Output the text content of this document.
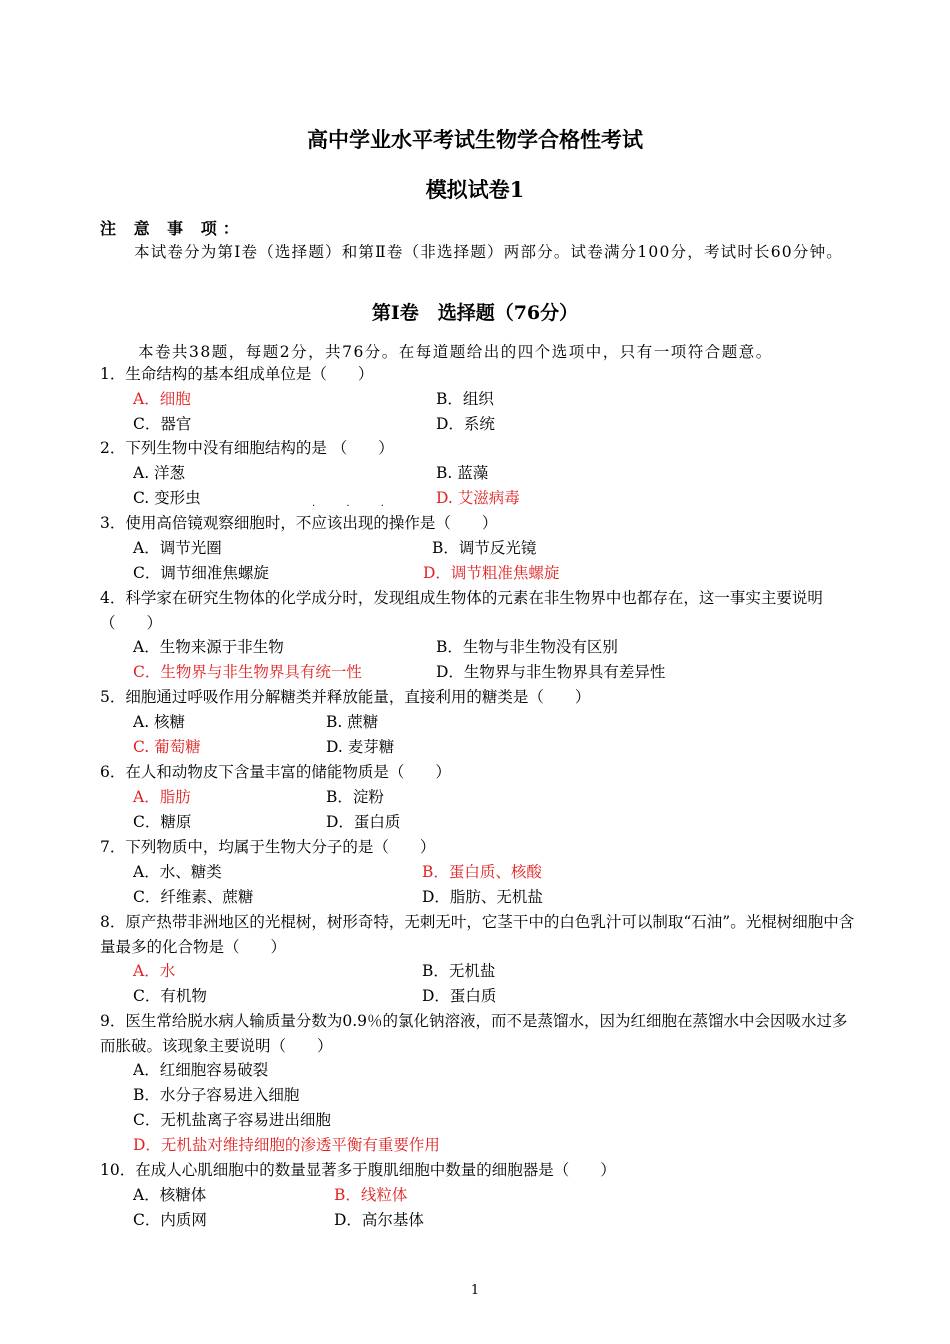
高中学业水平考试生物学合格性考试
模拟试卷1
注 意 事 项：
本试卷分为第Ⅰ卷（选择题）和第Ⅱ卷（非选择题）两部分。试卷满分100分，考试时长60分钟。
第Ⅰ卷　选择题（76分）
本卷共38题，每题2分，共76分。在每道题给出的四个选项中，只有一项符合题意。
1．生命结构的基本组成单位是（　　）
A．细胞	B．组织
C．器官	D．系统
2．下列生物中没有细胞结构的是 （　　）
A. 洋葱	B. 蓝藻
C. 变形虫	D. 艾滋病毒
· · ·
3．使用高倍镜观察细胞时，不应该出现的操作是（　　）
A．调节光圈	B．调节反光镜
C．调节细准焦螺旋	D．调节粗准焦螺旋
4．科学家在研究生物体的化学成分时，发现组成生物体的元素在非生物界中也都存在，这一事实主要说明（　　）
A．生物来源于非生物	B．生物与非生物没有区别
C．生物界与非生物界具有统一性	D．生物界与非生物界具有差异性
5．细胞通过呼吸作用分解糖类并释放能量，直接利用的糖类是（　　）
A. 核糖	B. 蔗糖
C. 葡萄糖	D. 麦芽糖
6．在人和动物皮下含量丰富的储能物质是（　　）
A．脂肪	B．淀粉
C．糖原	D．蛋白质
7．下列物质中，均属于生物大分子的是（　　）
A．水、糖类	B．蛋白质、核酸
C．纤维素、蔗糖	D．脂肪、无机盐
8．原产热带非洲地区的光棍树，树形奇特，无刺无叶，它茎干中的白色乳汁可以制取“石油”。光棍树细胞中含量最多的化合物是（　　）
A．水	B．无机盐
C．有机物	D．蛋白质
9．医生常给脱水病人输质量分数为0.9％的氯化钠溶液，而不是蒸馏水，因为红细胞在蒸馏水中会因吸水过多而胀破。该现象主要说明（　　）
A．红细胞容易破裂
B．水分子容易进入细胞
C．无机盐离子容易进出细胞
D．无机盐对维持细胞的渗透平衡有重要作用
10．在成人心肌细胞中的数量显著多于腹肌细胞中数量的细胞器是（　　）
A．核糖体	B．线粒体
C．内质网	D．高尔基体
1
